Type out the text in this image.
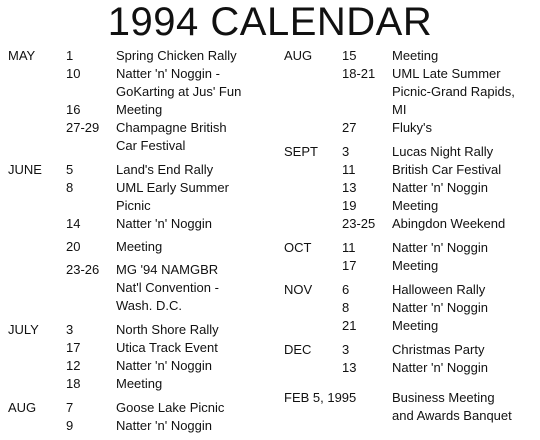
1994 CALENDAR
MAY 1	Spring Chicken Rally
10	Natter 'n' Noggin -
GoKarting at Jus' Fun
16	Meeting
27-29	Champagne British
Car Festival
JUNE 5	Land's End Rally
8	UML Early Summer
Picnic
14	Natter 'n' Noggin
20	Meeting
23-26	MG '94 NAMGBR
Nat'l Convention -
Wash. D.C.
JULY 3	North Shore Rally
17	Utica Track Event
12	Natter 'n' Noggin
18	Meeting
AUG 7	Goose Lake Picnic
9	Natter 'n' Noggin
AUG 15	Meeting
18-21	UML Late Summer
Picnic-Grand Rapids,
MI
27	Fluky's
SEPT 3	Lucas Night Rally
11	British Car Festival
13	Natter 'n' Noggin
19	Meeting
23-25	Abingdon Weekend
OCT 11	Natter 'n' Noggin
17	Meeting
NOV 6	Halloween Rally
8	Natter 'n' Noggin
21	Meeting
DEC 3	Christmas Party
13	Natter 'n' Noggin
FEB 5, 1995	Business Meeting
and Awards Banquet
